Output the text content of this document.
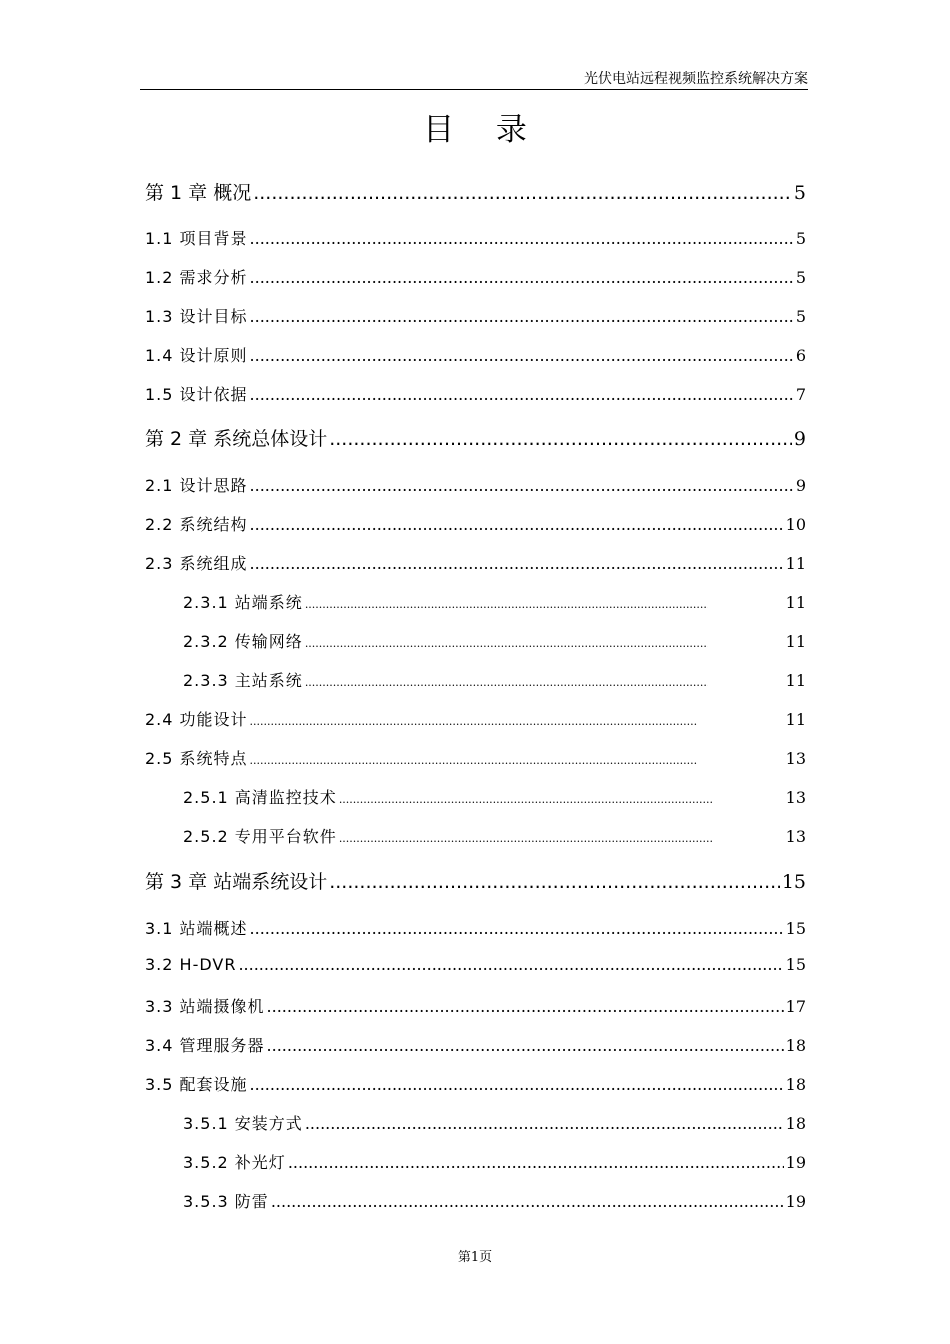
光伏电站远程视频监控系统解决方案
目 录
第 1 章 概况 .....	5
1.1 项目背景 .....	5
1.2 需求分析 .....	5
1.3 设计目标 .....	5
1.4 设计原则 .....	6
1.5 设计依据 .....	7
第 2 章 系统总体设计 .....	9
2.1 设计思路 .....	9
2.2 系统结构 .....	10
2.3 系统组成 .....	11
2.3.1 站端系统 .....	11
2.3.2 传输网络 .....	11
2.3.3 主站系统 .....	11
2.4 功能设计 .....	11
2.5 系统特点 .....	13
2.5.1 高清监控技术 .....	13
2.5.2 专用平台软件 .....	13
第 3 章 站端系统设计 .....	15
3.1 站端概述 .....	15
3.2 H-DVR .....	15
3.3 站端摄像机 .....	17
3.4 管理服务器 .....	18
3.5 配套设施 .....	18
3.5.1 安装方式 .....	18
3.5.2 补光灯 .....	19
3.5.3 防雷 .....	19
第1页
